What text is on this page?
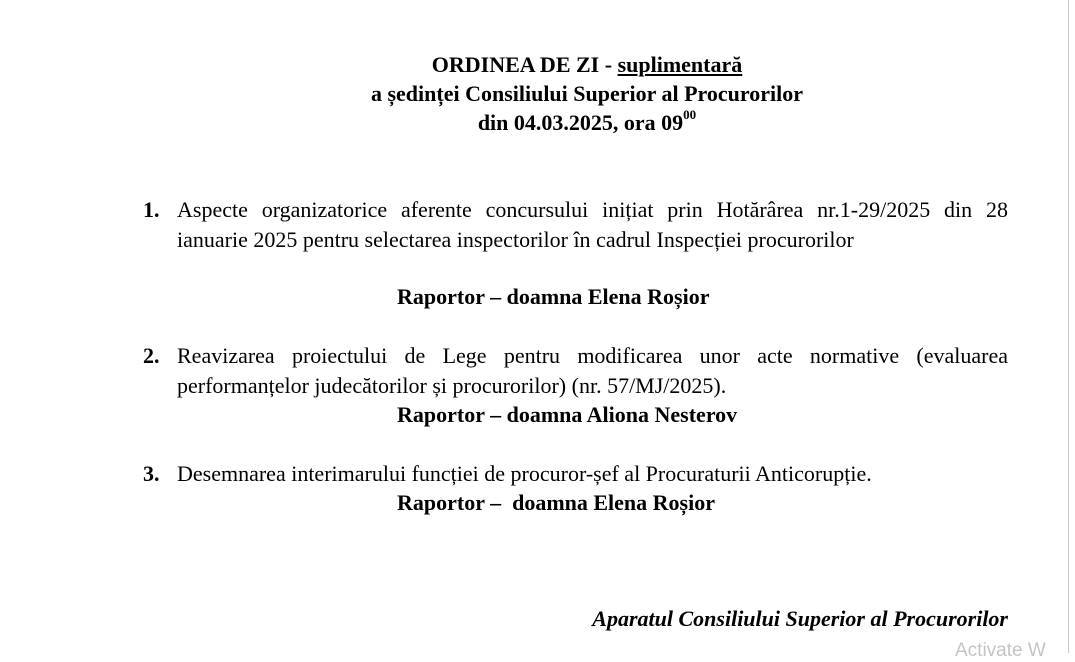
ORDINEA DE ZI - suplimentară
a ședinței Consiliului Superior al Procurorilor
din 04.03.2025, ora $09^{00}$
1. Aspecte organizatorice aferente concursului inițiat prin Hotărârea nr.1-29/2025 din 28 ianuarie 2025 pentru selectarea inspectorilor în cadrul Inspecției procurorilor
Raportor – doamna Elena Roșior
2. Reavizarea proiectului de Lege pentru modificarea unor acte normative (evaluarea performanțelor judecătorilor și procurorilor) (nr. 57/MJ/2025).
Raportor – doamna Aliona Nesterov
3. Desemnarea interimarului funcției de procuror-șef al Procuraturii Anticorupție.
Raportor –  doamna Elena Roșior
Aparatul Consiliului Superior al Procurorilor
Activate W
